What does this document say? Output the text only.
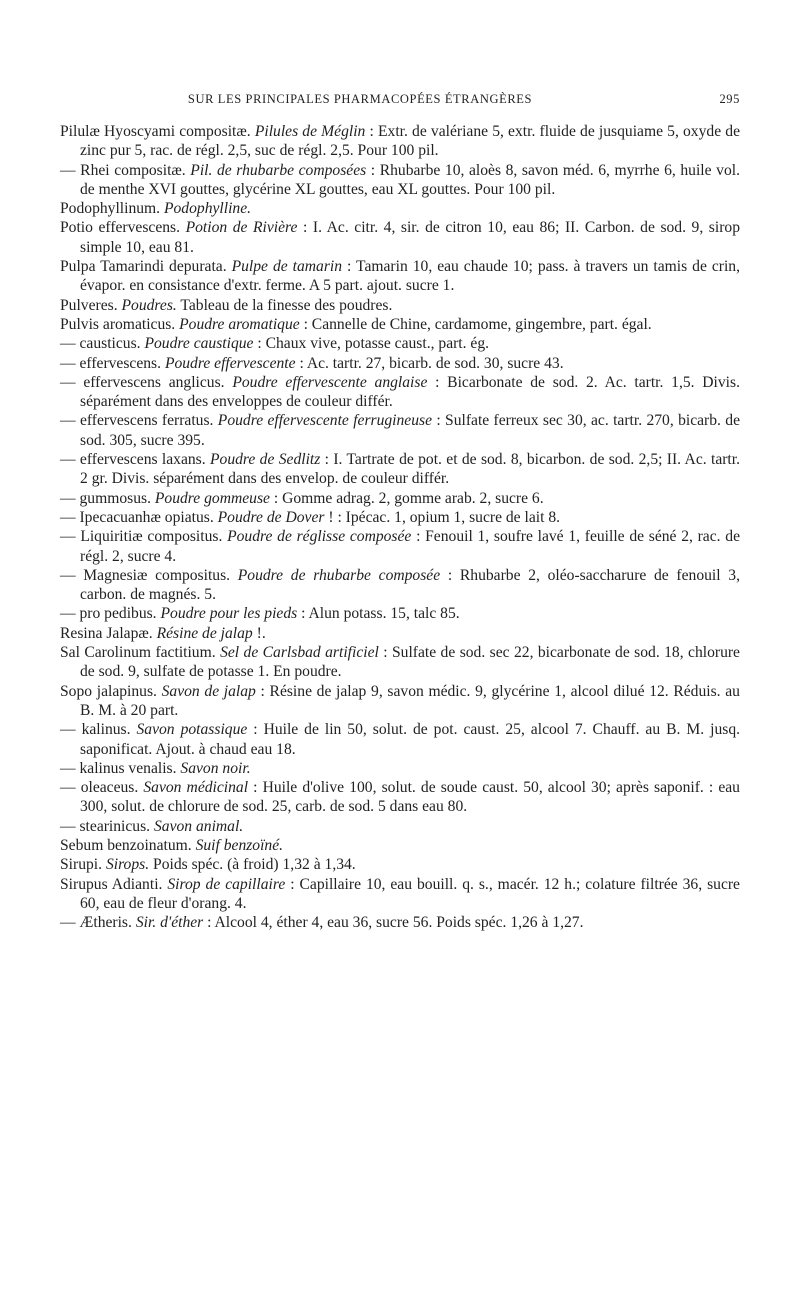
SUR LES PRINCIPALES PHARMACOPÉES ÉTRANGÈRES	295
Pilulæ Hyoscyami compositæ. Pilules de Méglin : Extr. de valériane 5, extr. fluide de jusquiame 5, oxyde de zinc pur 5, rac. de régl. 2,5, suc de régl. 2,5. Pour 100 pil.
— Rhei compositæ. Pil. de rhubarbe composées : Rhubarbe 10, aloès 8, savon méd. 6, myrrhe 6, huile vol. de menthe XVI gouttes, glycérine XL gouttes, eau XL gouttes. Pour 100 pil.
Podophyllinum. Podophylline.
Potio effervescens. Potion de Rivière : I. Ac. citr. 4, sir. de citron 10, eau 86; II. Carbon. de sod. 9, sirop simple 10, eau 81.
Pulpa Tamarindi depurata. Pulpe de tamarin : Tamarin 10, eau chaude 10; pass. à travers un tamis de crin, évapor. en consistance d'extr. ferme. A 5 part. ajout. sucre 1.
Pulveres. Poudres. Tableau de la finesse des poudres.
Pulvis aromaticus. Poudre aromatique : Cannelle de Chine, cardamome, gingembre, part. égal.
— causticus. Poudre caustique : Chaux vive, potasse caust., part. ég.
— effervescens. Poudre effervescente : Ac. tartr. 27, bicarb. de sod. 30, sucre 43.
— effervescens anglicus. Poudre effervescente anglaise : Bicarbonate de sod. 2. Ac. tartr. 1,5. Divis. séparément dans des enveloppes de couleur différ.
— effervescens ferratus. Poudre effervescente ferrugineuse : Sulfate ferreux sec 30, ac. tartr. 270, bicarb. de sod. 305, sucre 395.
— effervescens laxans. Poudre de Sedlitz : I. Tartrate de pot. et de sod. 8, bicarbon. de sod. 2,5; II. Ac. tartr. 2 gr. Divis. séparément dans des envelop. de couleur différ.
— gummosus. Poudre gommeuse : Gomme adrag. 2, gomme arab. 2, sucre 6.
— Ipecacuanhæ opiatus. Poudre de Dover ! : Ipécac. 1, opium 1, sucre de lait 8.
— Liquiritiæ compositus. Poudre de réglisse composée : Fenouil 1, soufre lavé 1, feuille de séné 2, rac. de régl. 2, sucre 4.
— Magnesiæ compositus. Poudre de rhubarbe composée : Rhubarbe 2, oléo-saccharure de fenouil 3, carbon. de magnés. 5.
— pro pedibus. Poudre pour les pieds : Alun potass. 15, talc 85.
Resina Jalapæ. Résine de jalap !.
Sal Carolinum factitium. Sel de Carlsbad artificiel : Sulfate de sod. sec 22, bicarbonate de sod. 18, chlorure de sod. 9, sulfate de potasse 1. En poudre.
Sopo jalapinus. Savon de jalap : Résine de jalap 9, savon médic. 9, glycérine 1, alcool dilué 12. Réduis. au B. M. à 20 part.
— kalinus. Savon potassique : Huile de lin 50, solut. de pot. caust. 25, alcool 7. Chauff. au B. M. jusq. saponificat. Ajout. à chaud eau 18.
— kalinus venalis. Savon noir.
— oleaceus. Savon médicinal : Huile d'olive 100, solut. de soude caust. 50, alcool 30; après saponif. : eau 300, solut. de chlorure de sod. 25, carb. de sod. 5 dans eau 80.
— stearinicus. Savon animal.
Sebum benzoinatum. Suif benzoïné.
Sirupi. Sirops. Poids spéc. (à froid) 1,32 à 1,34.
Sirupus Adianti. Sirop de capillaire : Capillaire 10, eau bouill. q. s., macér. 12 h.; colature filtrée 36, sucre 60, eau de fleur d'orang. 4.
— Ætheris. Sir. d'éther : Alcool 4, éther 4, eau 36, sucre 56. Poids spéc. 1,26 à 1,27.
